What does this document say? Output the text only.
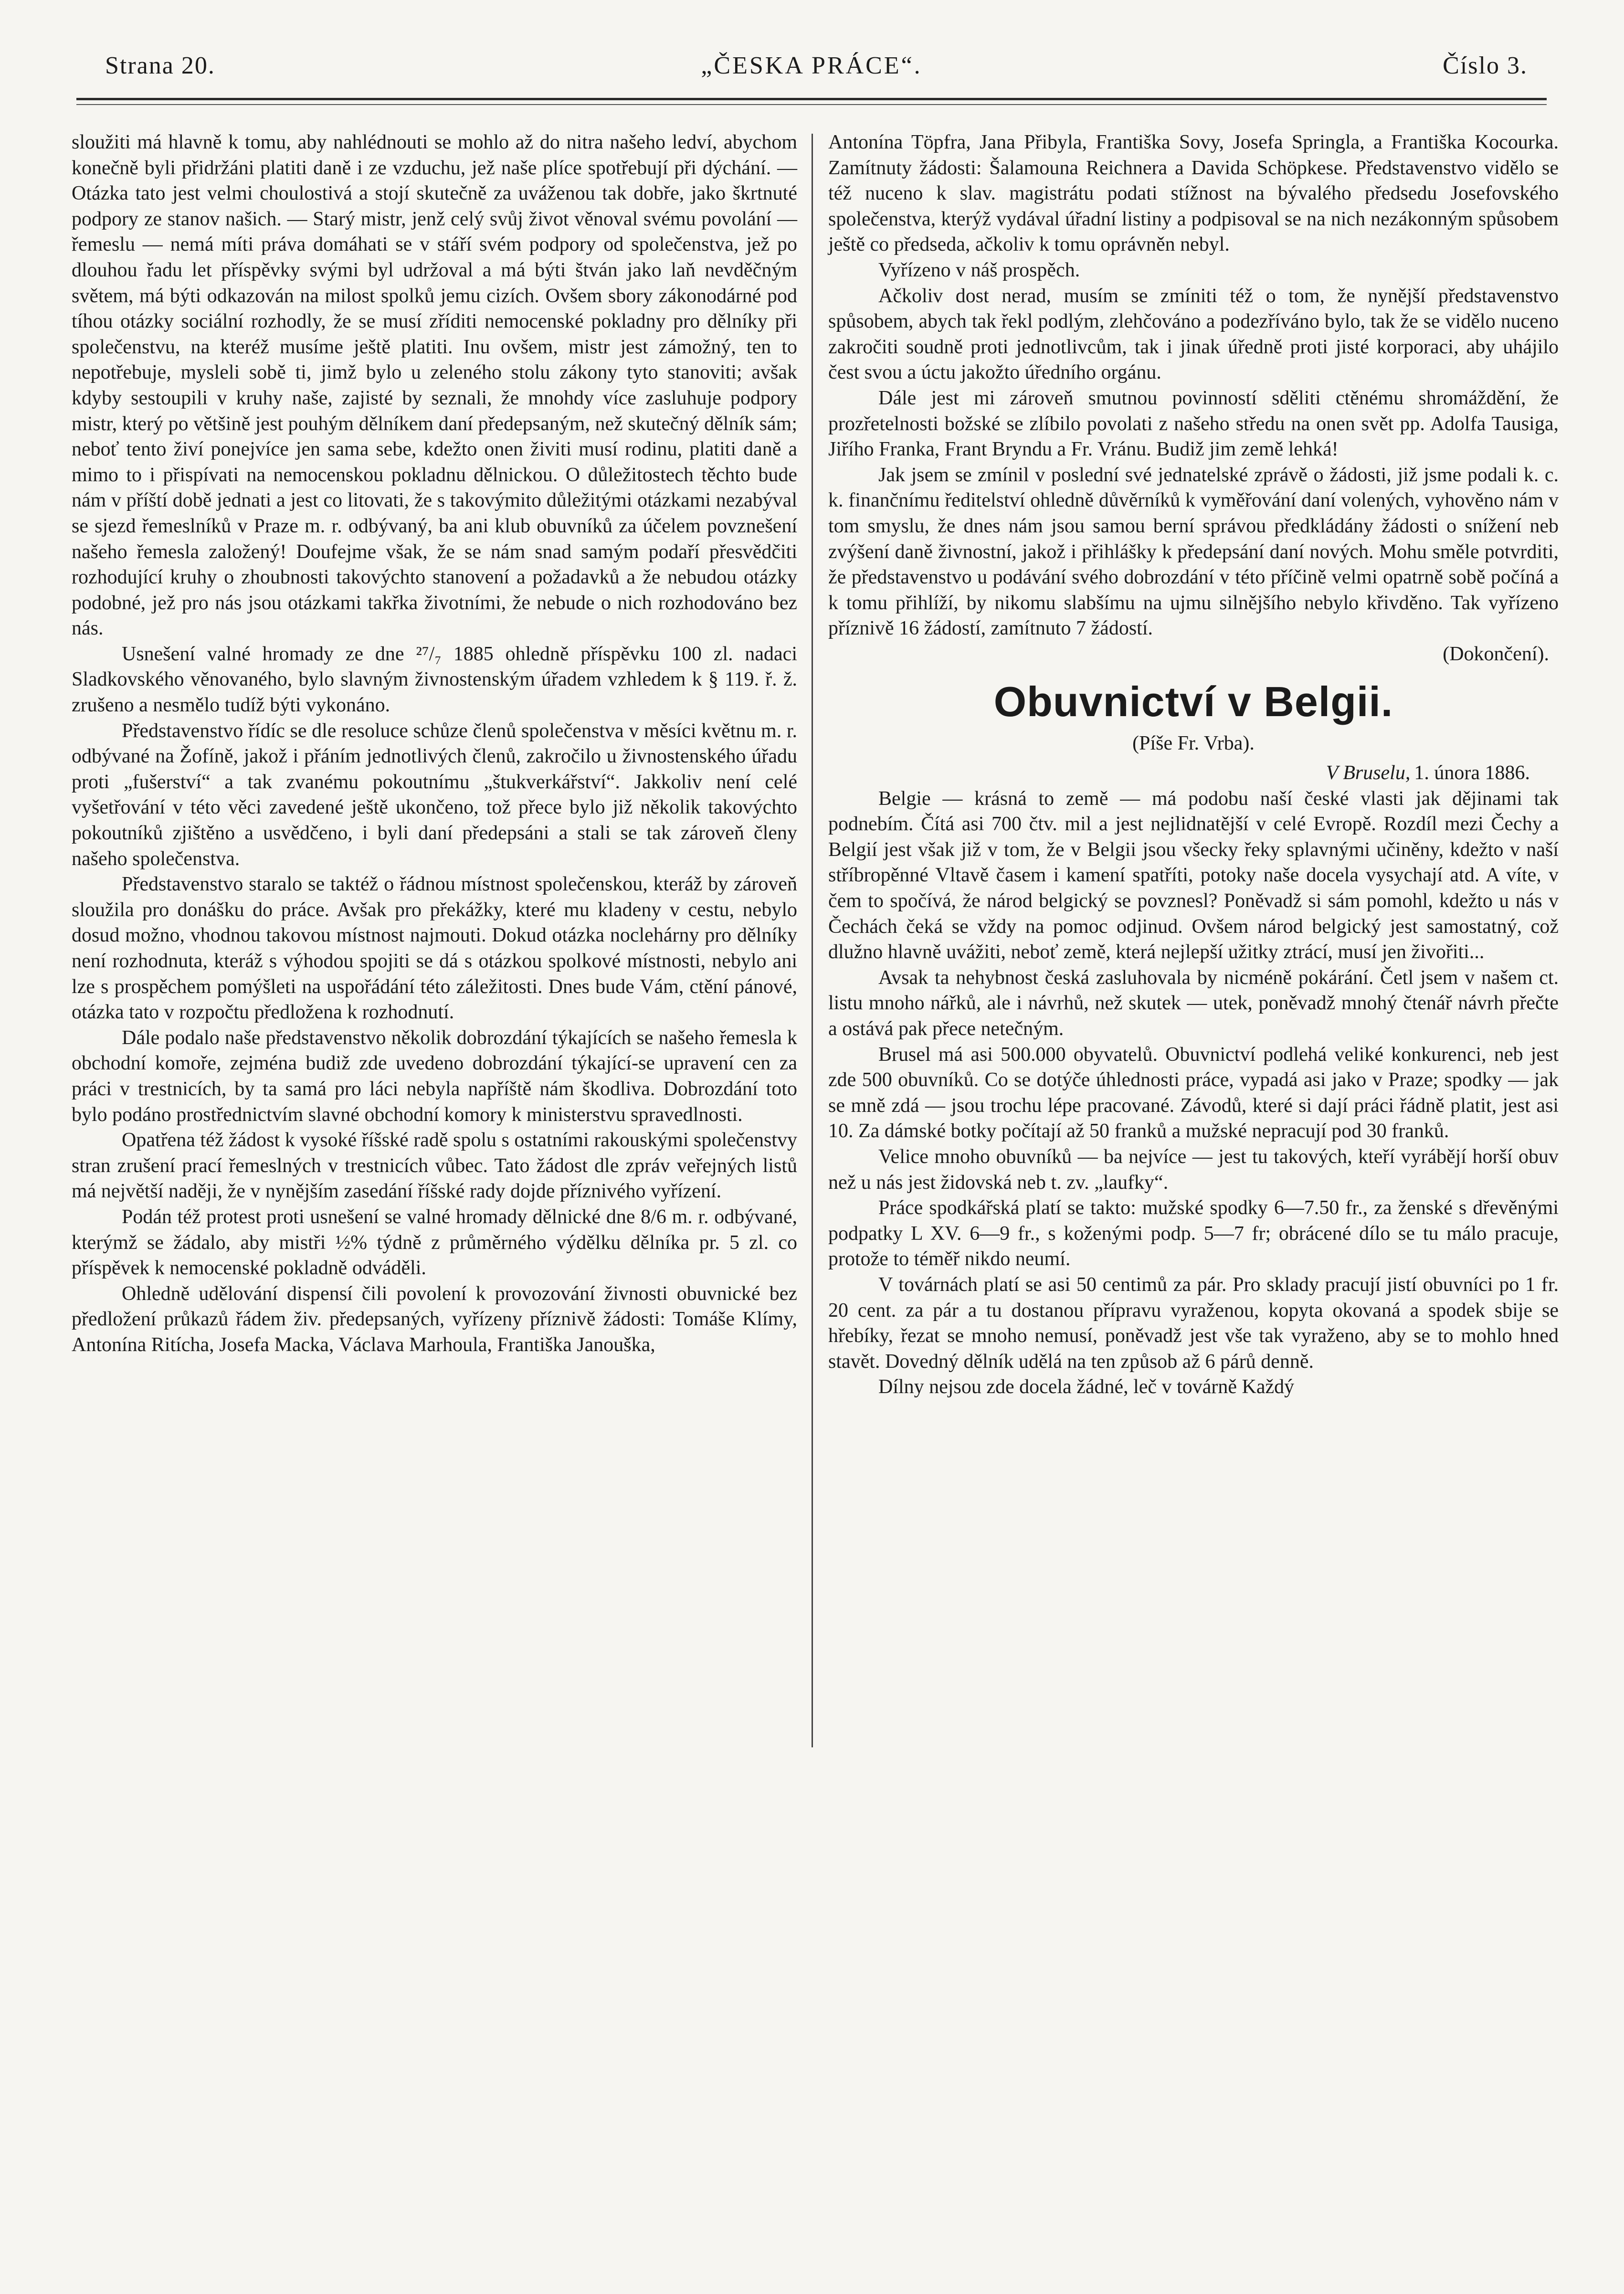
Strana 20.	„ČESKA PRÁCE“.	Číslo 3.

sloužiti má hlavně k tomu, aby nahlédnouti se mohlo až do nitra našeho ledví, abychom konečně byli přidržáni platiti daně i ze vzduchu, jež naše plíce spotřebují při dýchání. — Otázka tato jest velmi choulostivá a stojí skutečně za uváženou tak dobře, jako škrtnuté podpory ze stanov našich. — Starý mistr, jenž celý svůj život věnoval svému povolání — řemeslu — nemá míti práva domáhati se v stáří svém podpory od společenstva, jež po dlouhou řadu let příspěvky svými byl udržoval a má býti štván jako laň nevděčným světem, má býti odkazován na milost spolků jemu cizích. Ovšem sbory zákonodárné pod tíhou otázky sociální rozhodly, že se musí zříditi nemocenské pokladny pro dělníky při společenstvu, na kteréž musíme ještě platiti. Inu ovšem, mistr jest zámožný, ten to nepotřebuje, mysleli sobě ti, jimž bylo u zeleného stolu zákony tyto stanoviti; avšak kdyby sestoupili v kruhy naše, zajisté by seznali, že mnohdy více zasluhuje podpory mistr, který po většině jest pouhým dělníkem daní předepsaným, než skutečný dělník sám; neboť tento živí ponejvíce jen sama sebe, kdežto onen živiti musí rodinu, platiti daně a mimo to i přispívati na nemocenskou pokladnu dělnickou. O důležitostech těchto bude nám v příští době jednati a jest co litovati, že s takovýmito důležitými otázkami nezabýval se sjezd řemeslníků v Praze m. r. odbývaný, ba ani klub obuvníků za účelem povznešení našeho řemesla založený! Doufejme však, že se nám snad samým podaří přesvědčiti rozhodující kruhy o zhoubnosti takovýchto stanovení a požadavků a že nebudou otázky podobné, jež pro nás jsou otázkami takřka životními, že nebude o nich rozhodováno bez nás.

Usnešení valné hromady ze dne ²⁷/₇ 1885 ohledně příspěvku 100 zl. nadaci Sladkovského věnovaného, bylo slavným živnostenským úřadem vzhledem k § 119. ř. ž. zrušeno a nesmělo tudíž býti vykonáno.

Představenstvo řídíc se dle resoluce schůze členů společenstva v měsíci květnu m. r. odbývané na Žofíně, jakož i přáním jednotlivých členů, zakročilo u živnostenského úřadu proti „fušerství“ a tak zvanému pokoutnímu „štukverkářství“. Jakkoliv není celé vyšetřování v této věci zavedené ještě ukončeno, tož přece bylo již několik takovýchto pokoutníků zjištěno a usvědčeno, i byli daní předepsáni a stali se tak zároveň členy našeho společenstva.

Představenstvo staralo se taktéž o řádnou místnost společenskou, kteráž by zároveň sloužila pro donášku do práce. Avšak pro překážky, které mu kladeny v cestu, nebylo dosud možno, vhodnou takovou místnost najmouti. Dokud otázka noclehárny pro dělníky není rozhodnuta, kteráž s výhodou spojiti se dá s otázkou spolkové místnosti, nebylo ani lze s prospěchem pomýšleti na uspořádání této záležitosti. Dnes bude Vám, ctění pánové, otázka tato v rozpočtu předložena k rozhodnutí.

Dále podalo naše představenstvo několik dobrozdání týkajících se našeho řemesla k obchodní komoře, zejména budiž zde uvedeno dobrozdání týkající-se upravení cen za práci v trestnicích, by ta samá pro láci nebyla napříště nám škodliva. Dobrozdání toto bylo podáno prostřednictvím slavné obchodní komory k ministerstvu spravedlnosti.

Opatřena též žádost k vysoké říšské radě spolu s ostatními rakouskými společenstvy stran zrušení prací řemeslných v trestnicích vůbec. Tato žádost dle zpráv veřejných listů má největší naději, že v nynějším zasedání říšské rady dojde příznivého vyřízení.

Podán též protest proti usnešení se valné hromady dělnické dne 8/6 m. r. odbývané, kterýmž se žádalo, aby mistři ½% týdně z průměrného výdělku dělníka pr. 5 zl. co příspěvek k nemocenské pokladně odváděli.

Ohledně udělování dispensí čili povolení k provozování živnosti obuvnické bez předložení průkazů řádem živ. předepsaných, vyřízeny příznivě žádosti: Tomáše Klímy, Antonína Ritícha, Josefa Macka, Václava Marhoula, Františka Janouška,

Antonína Töpfra, Jana Přibyla, Františka Sovy, Josefa Springla, a Františka Kocourka. Zamítnuty žádosti: Šalamouna Reichnera a Davida Schöpkese. Představenstvo vidělo se též nuceno k slav. magistrátu podati stížnost na bývalého předsedu Josefovského společenstva, kterýž vydával úřadní listiny a podpisoval se na nich nezákonným spůsobem ještě co předseda, ačkoliv k tomu oprávněn nebyl.

Vyřízeno v náš prospěch.

Ačkoliv dost nerad, musím se zmíniti též o tom, že nynější představenstvo spůsobem, abych tak řekl podlým, zlehčováno a podezříváno bylo, tak že se vidělo nuceno zakročiti soudně proti jednotlivcům, tak i jinak úředně proti jisté korporaci, aby uhájilo čest svou a úctu jakožto úředního orgánu.

Dále jest mi zároveň smutnou povinností sděliti ctěnému shromáždění, že prozřetelnosti božské se zlíbilo povolati z našeho středu na onen svět pp. Adolfa Tausiga, Jiřího Franka, Frant Bryndu a Fr. Vránu. Budiž jim země lehká!

Jak jsem se zmínil v poslední své jednatelské zprávě o žádosti, již jsme podali k. c. k. finančnímu ředitelství ohledně důvěrníků k vyměřování daní volených, vyhověno nám v tom smyslu, že dnes nám jsou samou berní správou předkládány žádosti o snížení neb zvýšení daně živnostní, jakož i přihlášky k předepsání daní nových. Mohu směle potvrditi, že představenstvo u podávání svého dobrozdání v této příčině velmi opatrně sobě počíná a k tomu přihlíží, by nikomu slabšímu na ujmu silnějšího nebylo křivděno. Tak vyřízeno příznivě 16 žádostí, zamítnuto 7 žádostí.

(Dokončení).

Obuvnictví v Belgii.

(Píše Fr. Vrba).

V Bruselu, 1. února 1886.

Belgie — krásná to země — má podobu naší české vlasti jak dějinami tak podnebím. Čítá asi 700 čtv. mil a jest nejlidnatější v celé Evropě. Rozdíl mezi Čechy a Belgií jest však již v tom, že v Belgii jsou všecky řeky splavnými učiněny, kdežto v naší stříbropěnné Vltavě časem i kamení spatříti, potoky naše docela vysychají atd. A víte, v čem to spočívá, že národ belgický se povznesl? Poněvadž si sám pomohl, kdežto u nás v Čechách čeká se vždy na pomoc odjinud. Ovšem národ belgický jest samostatný, což dlužno hlavně uvážiti, neboť země, která nejlepší užitky ztrácí, musí jen živořiti...

Avsak ta nehybnost česká zasluhovala by nicméně pokárání. Četl jsem v našem ct. listu mnoho nářků, ale i návrhů, než skutek — utek, poněvadž mnohý čtenář návrh přečte a ostává pak přece netečným.

Brusel má asi 500.000 obyvatelů. Obuvnictví podlehá veliké konkurenci, neb jest zde 500 obuvníků. Co se dotýče úhlednosti práce, vypadá asi jako v Praze; spodky — jak se mně zdá — jsou trochu lépe pracované. Závodů, které si dají práci řádně platit, jest asi 10. Za dámské botky počítají až 50 franků a mužské nepracují pod 30 franků.

Velice mnoho obuvníků — ba nejvíce — jest tu takových, kteří vyrábějí horší obuv než u nás jest židovská neb t. zv. „laufky“.

Práce spodkářská platí se takto: mužské spodky 6—7.50 fr., za ženské s dřevěnými podpatky L XV. 6—9 fr., s koženými podp. 5—7 fr; obrácené dílo se tu málo pracuje, protože to téměř nikdo neumí.

V továrnách platí se asi 50 centimů za pár. Pro sklady pracují jistí obuvníci po 1 fr. 20 cent. za pár a tu dostanou přípravu vyraženou, kopyta okovaná a spodek sbije se hřebíky, řezat se mnoho nemusí, poněvadž jest vše tak vyraženo, aby se to mohlo hned stavět. Dovedný dělník udělá na ten způsob až 6 párů denně.

Dílny nejsou zde docela žádné, leč v továrně Každý
